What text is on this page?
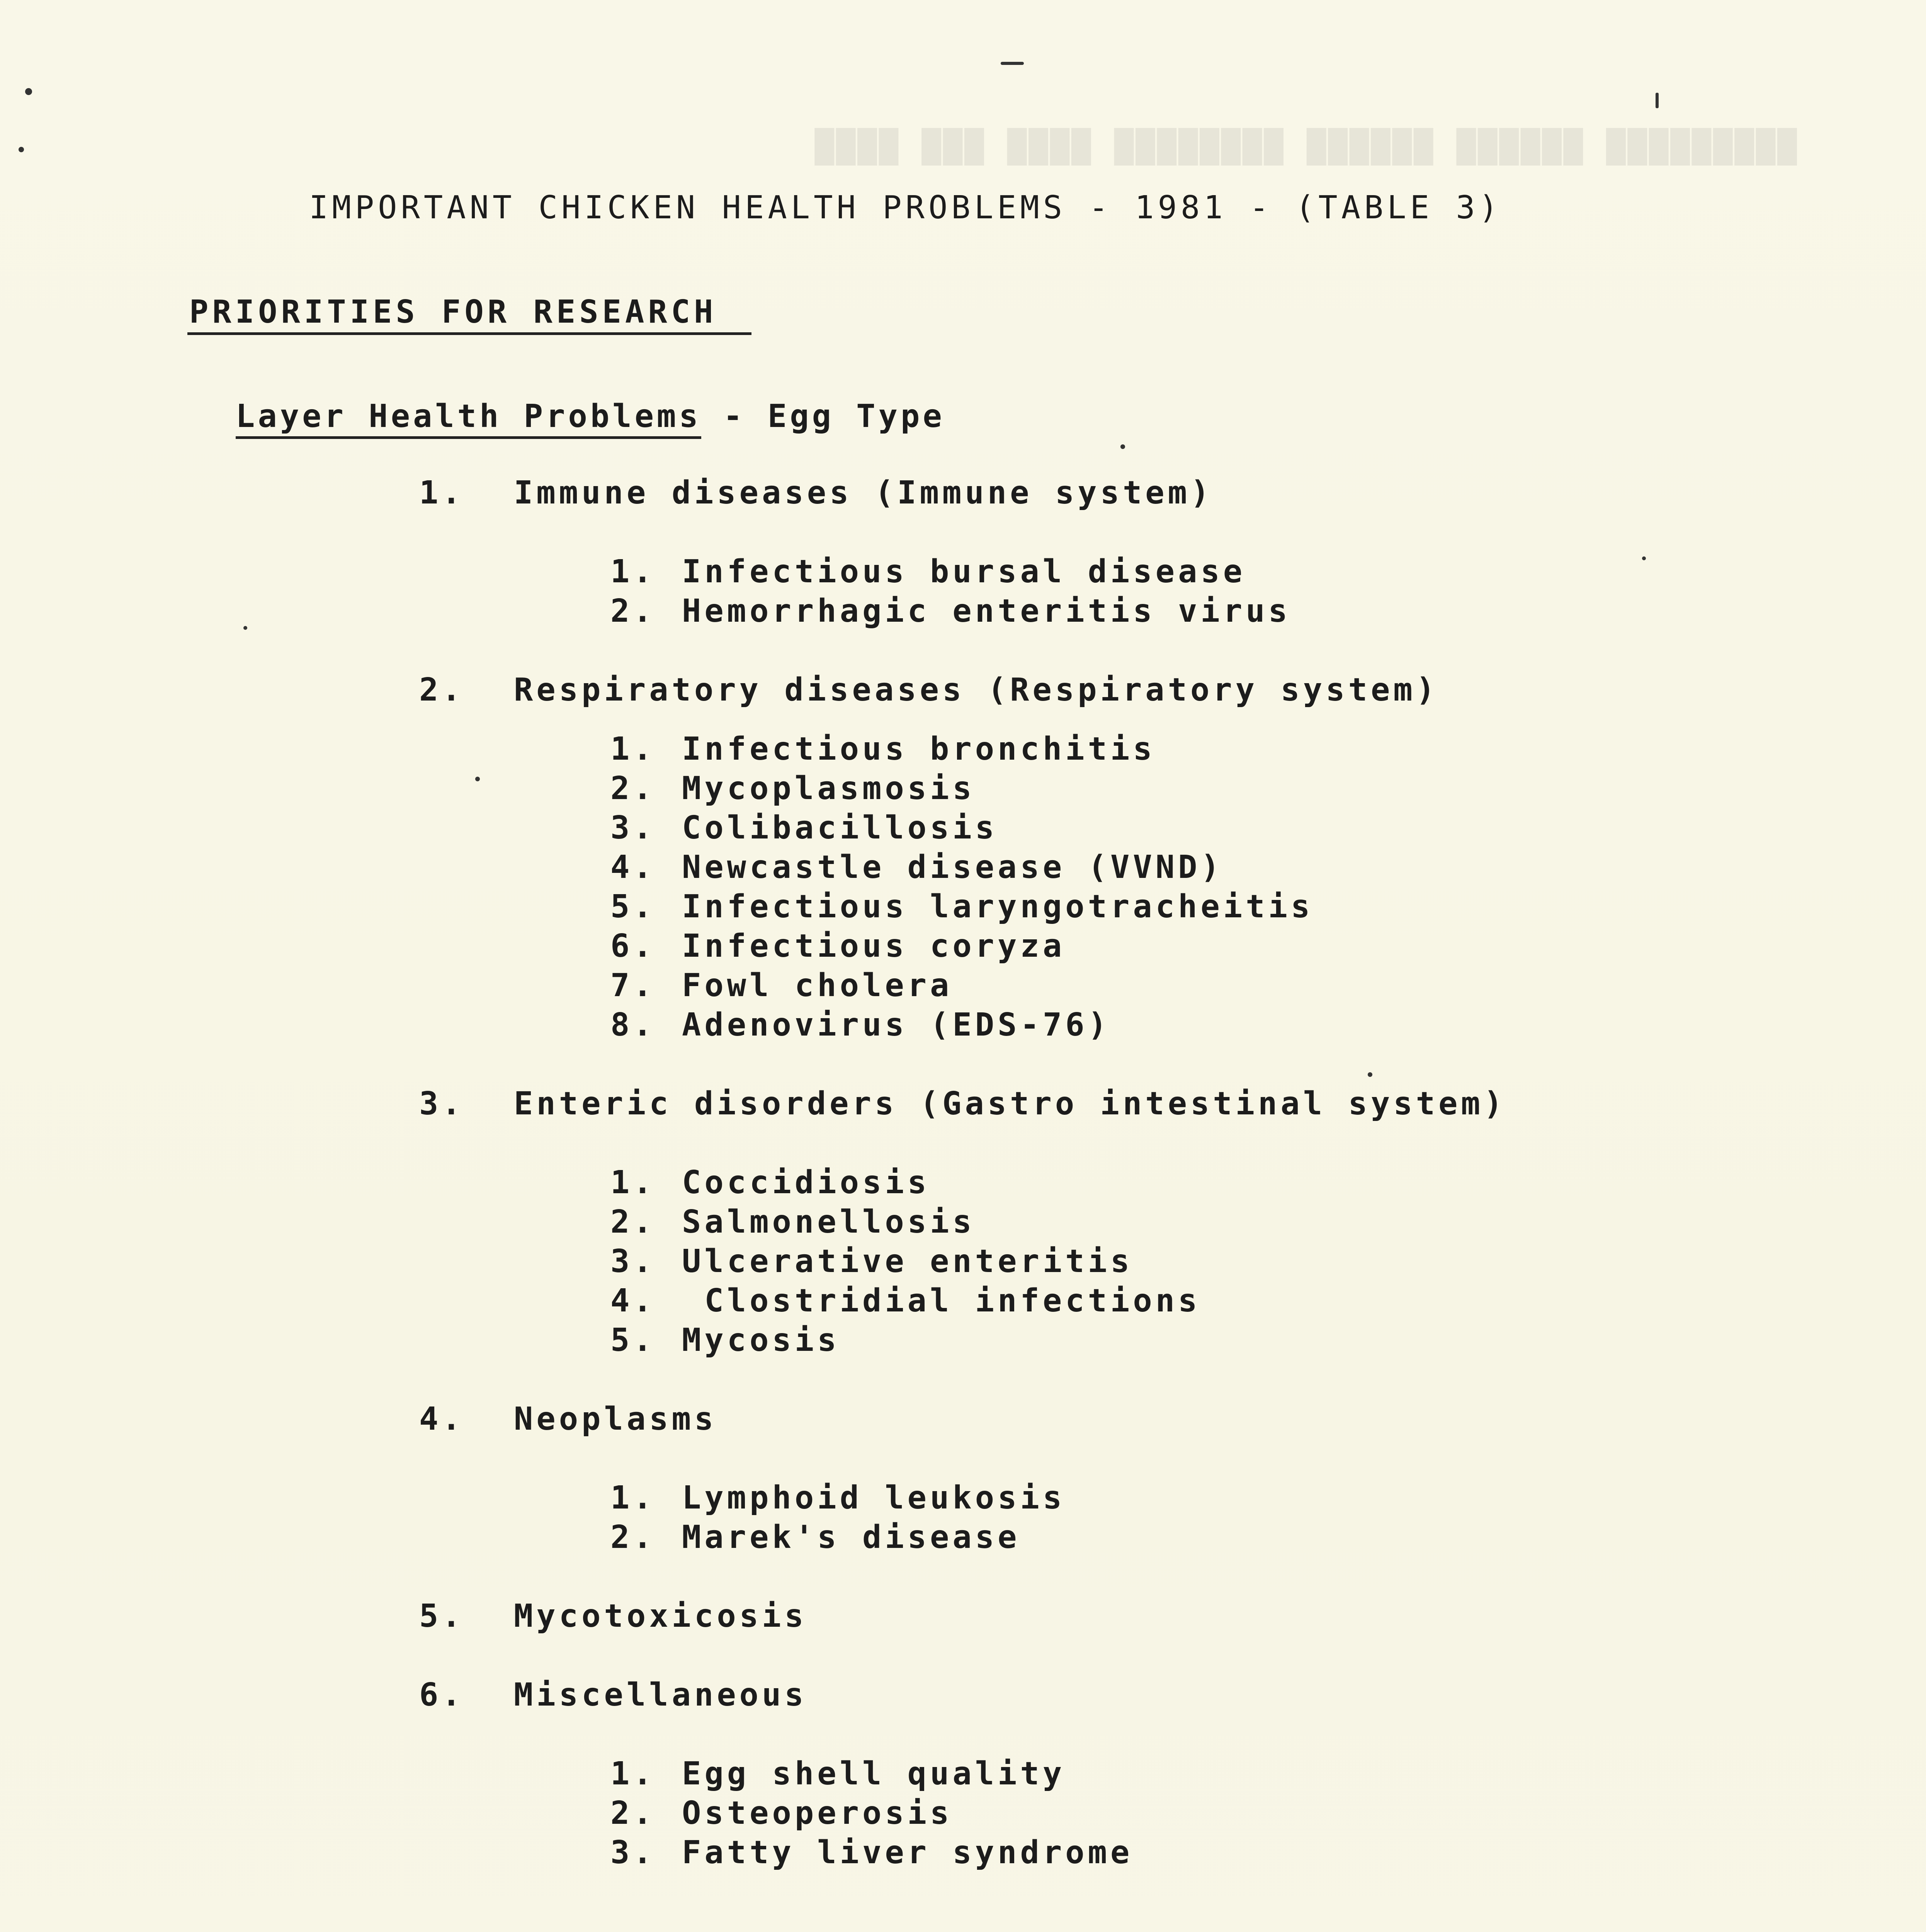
█████████ ██████ ██████ ████████ ████ ███ ████

IMPORTANT CHICKEN HEALTH PROBLEMS - 1981 - (TABLE 3)
PRIORITIES FOR RESEARCH
Layer Health Problems - Egg Type
1.	Immune diseases (Immune system)
1. Infectious bursal disease
2. Hemorrhagic enteritis virus
2.	Respiratory diseases (Respiratory system)
1. Infectious bronchitis
2. Mycoplasmosis
3. Colibacillosis
4. Newcastle disease (VVND)
5. Infectious laryngotracheitis
6. Infectious coryza
7. Fowl cholera
8. Adenovirus (EDS-76)
3.	Enteric disorders (Gastro intestinal system)
1. Coccidiosis
2. Salmonellosis
3. Ulcerative enteritis
4. Clostridial infections
5. Mycosis
4.	Neoplasms
1. Lymphoid leukosis
2. Marek's disease
5.	Mycotoxicosis
6.	Miscellaneous
1. Egg shell quality
2. Osteoperosis
3. Fatty liver syndrome
